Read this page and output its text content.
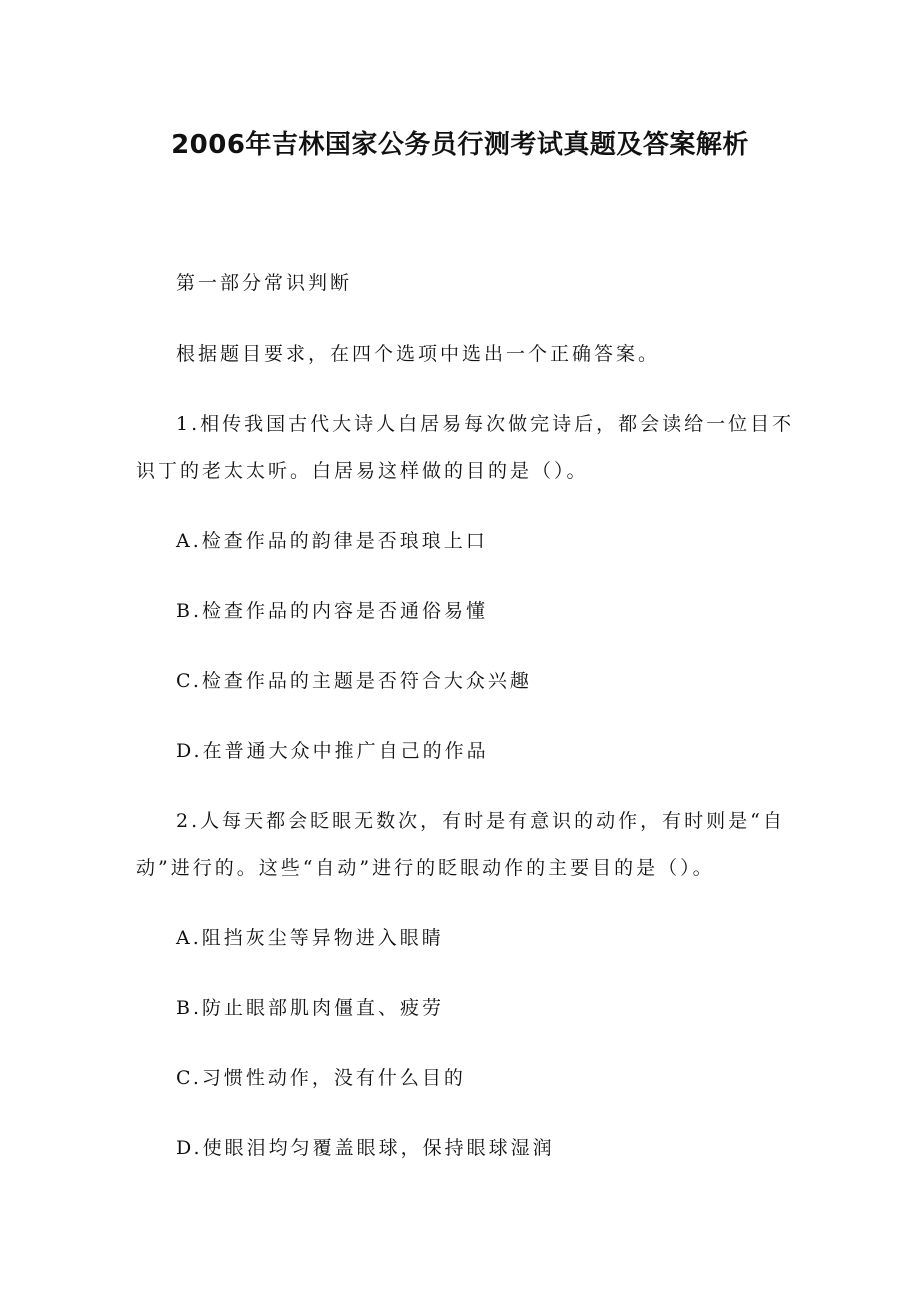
2006年吉林国家公务员行测考试真题及答案解析
第一部分常识判断
根据题目要求，在四个选项中选出一个正确答案。
1.相传我国古代大诗人白居易每次做完诗后，都会读给一位目不
识丁的老太太听。白居易这样做的目的是（）。
A.检查作品的韵律是否琅琅上口
B.检查作品的内容是否通俗易懂
C.检查作品的主题是否符合大众兴趣
D.在普通大众中推广自己的作品
2.人每天都会眨眼无数次，有时是有意识的动作，有时则是“自
动”进行的。这些“自动”进行的眨眼动作的主要目的是（）。
A.阻挡灰尘等异物进入眼睛
B.防止眼部肌肉僵直、疲劳
C.习惯性动作，没有什么目的
D.使眼泪均匀覆盖眼球，保持眼球湿润
